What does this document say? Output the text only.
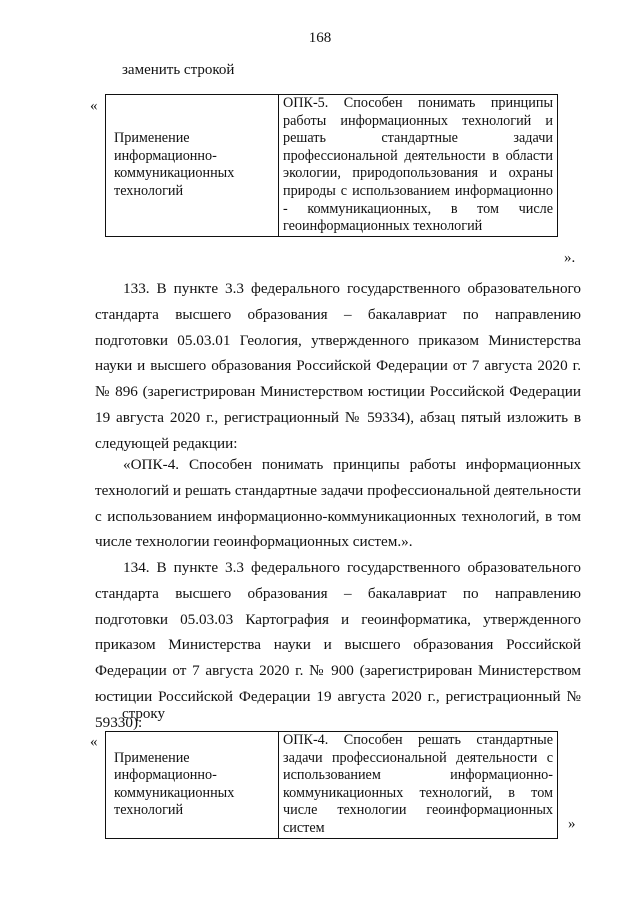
168
заменить строкой
«
Применение информационно-коммуникационных технологий	ОПК-5. Способен понимать принципы работы информационных технологий и решать стандартные задачи профессиональной деятельности в области экологии, природопользования и охраны природы с использованием информационно - коммуникационных, в том числе геоинформационных технологий
».
133. В пункте 3.3 федерального государственного образовательного стандарта высшего образования – бакалавриат по направлению подготовки 05.03.01 Геология, утвержденного приказом Министерства науки и высшего образования Российской Федерации от 7 августа 2020 г. № 896 (зарегистрирован Министерством юстиции Российской Федерации 19 августа 2020 г., регистрационный № 59334), абзац пятый изложить в следующей редакции:
«ОПК-4. Способен понимать принципы работы информационных технологий и решать стандартные задачи профессиональной деятельности с использованием информационно-коммуникационных технологий, в том числе технологии геоинформационных систем.».
134. В пункте 3.3 федерального государственного образовательного стандарта высшего образования – бакалавриат по направлению подготовки 05.03.03 Картография и геоинформатика, утвержденного приказом Министерства науки и высшего образования Российской Федерации от 7 августа 2020 г. № 900 (зарегистрирован Министерством юстиции Российской Федерации 19 августа 2020 г., регистрационный № 59330):
строку
«
Применение информационно-коммуникационных технологий	ОПК-4. Способен решать стандартные задачи профессиональной деятельности с использованием информационно-коммуникационных технологий, в том числе технологии геоинформационных систем	»
